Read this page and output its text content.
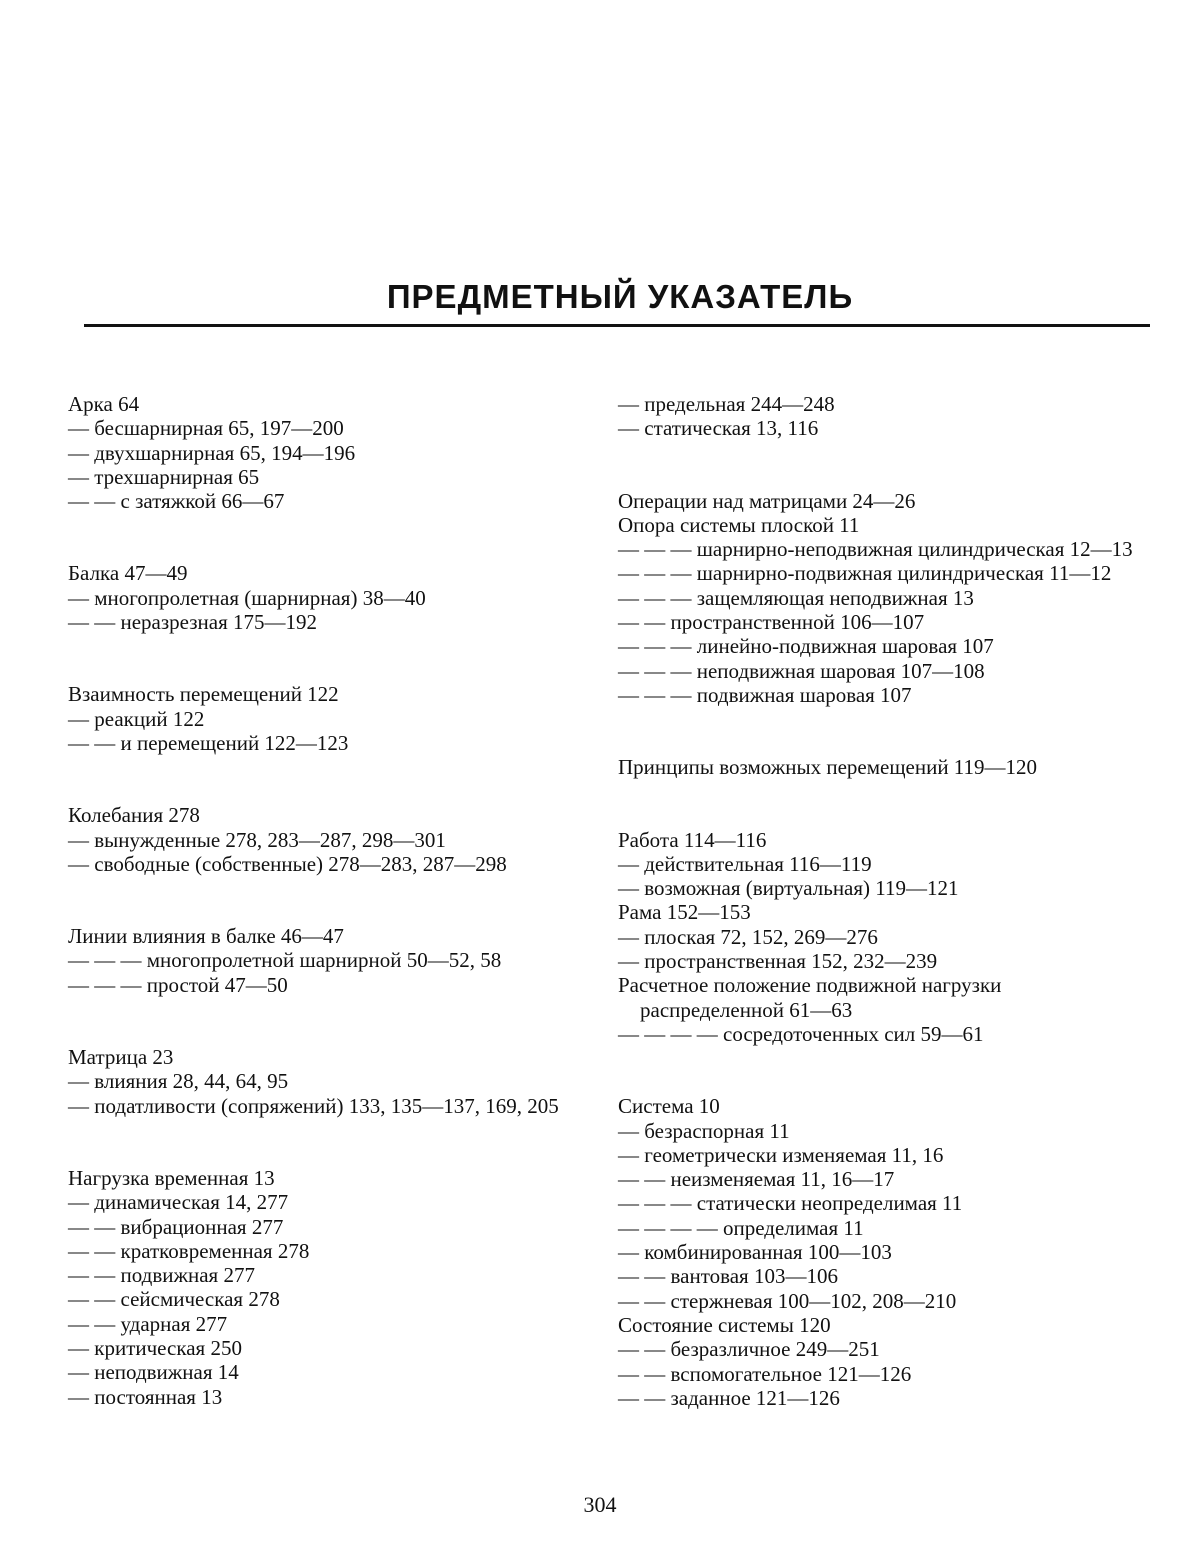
ПРЕДМЕТНЫЙ УКАЗАТЕЛЬ
Арка 64
— бесшарнирная 65, 197—200
— двухшарнирная 65, 194—196
— трехшарнирная 65
— — с затяжкой 66—67
Балка 47—49
— многопролетная (шарнирная) 38—40
— — неразрезная 175—192
Взаимность перемещений 122
— реакций 122
— — и перемещений 122—123
Колебания 278
— вынужденные 278, 283—287, 298—301
— свободные (собственные) 278—283, 287—298
Линии влияния в балке 46—47
— — — многопролетной шарнирной 50—52, 58
— — — простой 47—50
Матрица 23
— влияния 28, 44, 64, 95
— податливости (сопряжений) 133, 135—137, 169, 205
Нагрузка временная 13
— динамическая 14, 277
— — вибрационная 277
— — кратковременная 278
— — подвижная 277
— — сейсмическая 278
— — ударная 277
— критическая 250
— неподвижная 14
— постоянная 13
— предельная 244—248
— статическая 13, 116
Операции над матрицами 24—26
Опора системы плоской 11
— — — шарнирно-неподвижная цилиндрическая 12—13
— — — шарнирно-подвижная цилиндрическая 11—12
— — — защемляющая неподвижная 13
— — пространственной 106—107
— — — линейно-подвижная шаровая 107
— — — неподвижная шаровая 107—108
— — — подвижная шаровая 107
Принципы возможных перемещений 119—120
Работа 114—116
— действительная 116—119
— возможная (виртуальная) 119—121
Рама 152—153
— плоская 72, 152, 269—276
— пространственная 152, 232—239
Расчетное положение подвижной нагрузки распределенной 61—63
— — — — сосредоточенных сил 59—61
Система 10
— безраспорная 11
— геометрически изменяемая 11, 16
— — неизменяемая 11, 16—17
— — — статически неопределимая 11
— — — — определимая 11
— комбинированная 100—103
— — вантовая 103—106
— — стержневая 100—102, 208—210
Состояние системы 120
— — безразличное 249—251
— — вспомогательное 121—126
— — заданное 121—126
304
